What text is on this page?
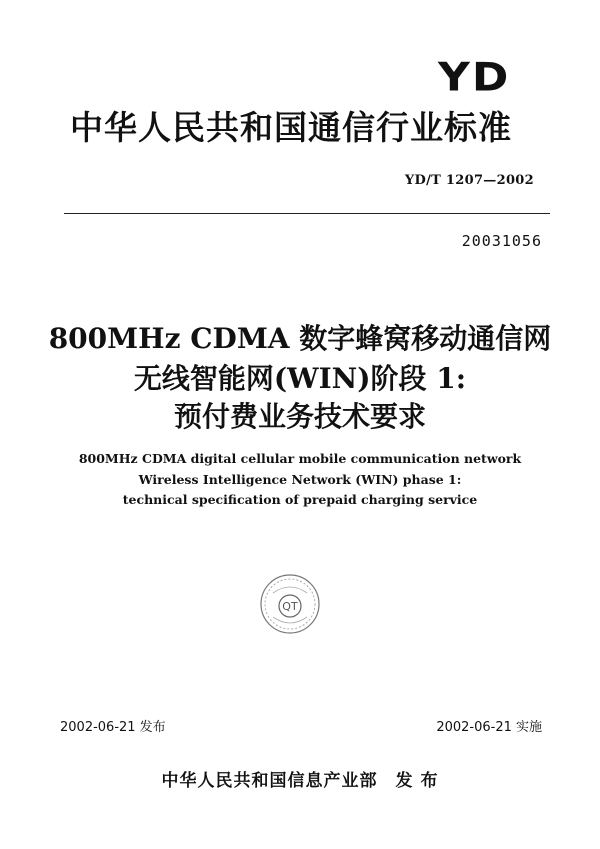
YD
中华人民共和国通信行业标准
YD/T 1207—2002
20031056
800MHz CDMA 数字蜂窝移动通信网
无线智能网(WIN)阶段 1:
预付费业务技术要求
800MHz CDMA digital cellular mobile communication network
Wireless Intelligence Network (WIN) phase 1:
technical specification of prepaid charging service
QT
2002-06-21 发布	2002-06-21 实施
中华人民共和国信息产业部 发 布
